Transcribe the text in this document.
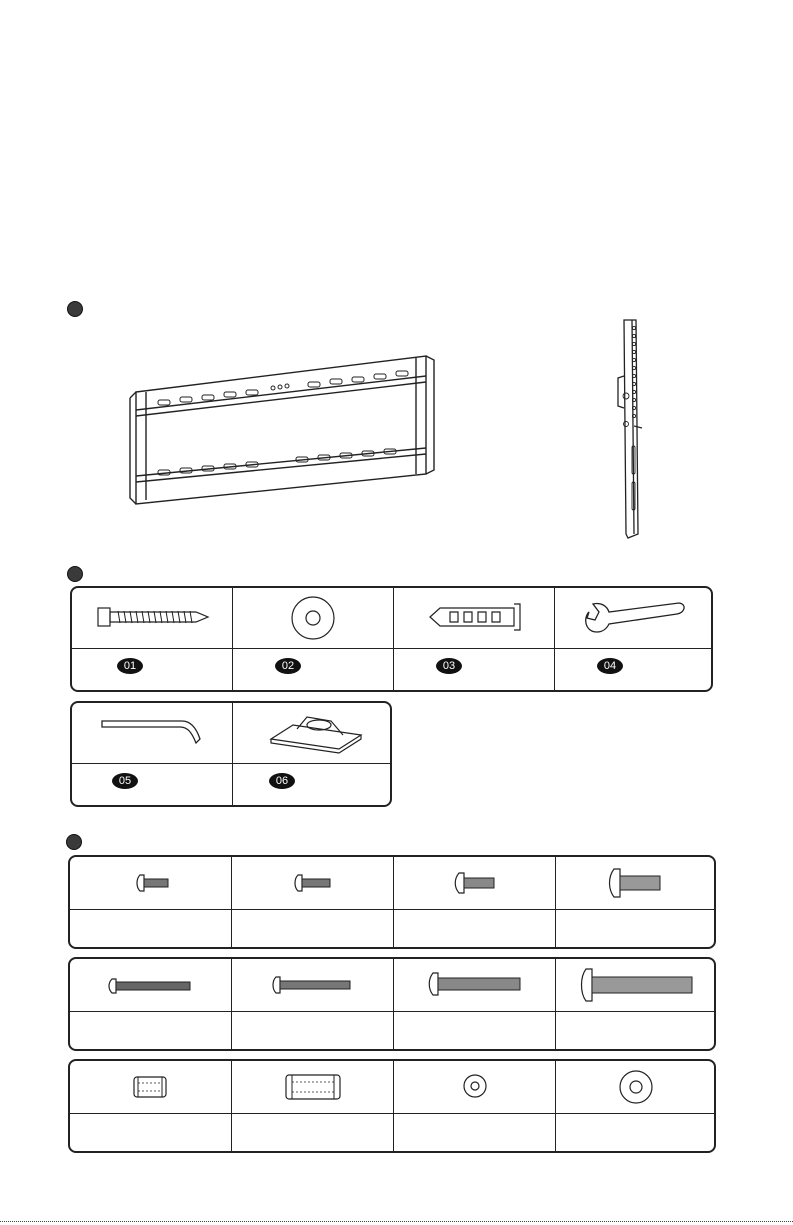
01	02	03	04
05	06
